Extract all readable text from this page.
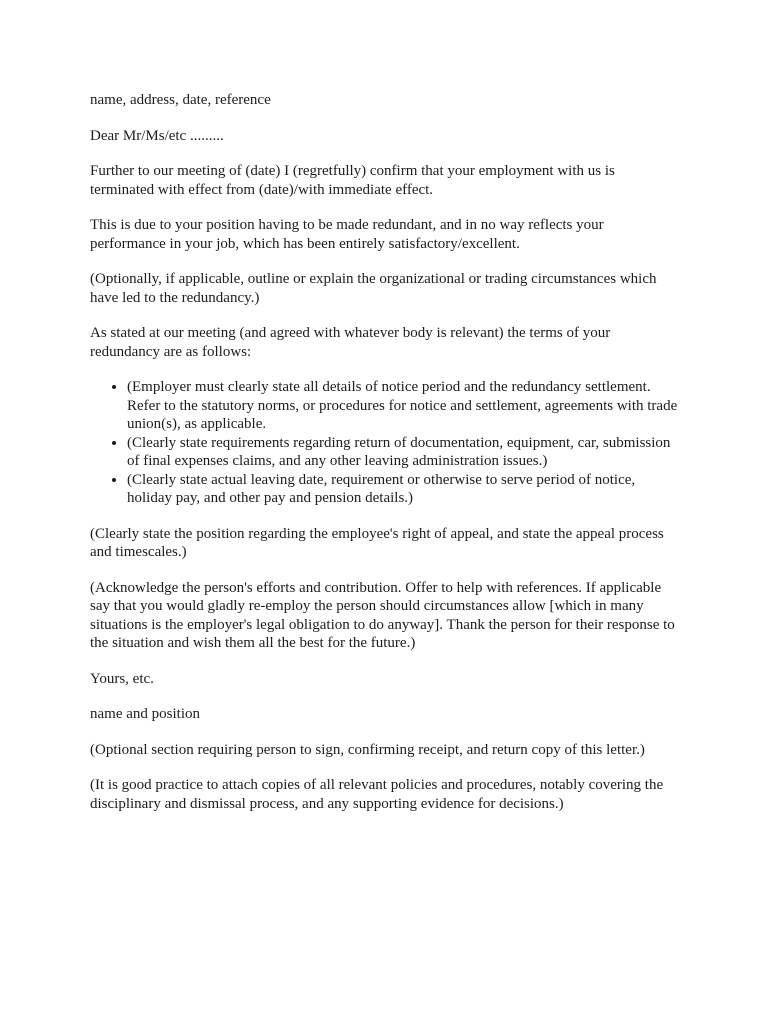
name, address, date, reference

Dear Mr/Ms/etc .........

Further to our meeting of (date) I (regretfully) confirm that your employment with us is terminated with effect from (date)/with immediate effect.

This is due to your position having to be made redundant, and in no way reflects your performance in your job, which has been entirely satisfactory/excellent.

(Optionally, if applicable, outline or explain the organizational or trading circumstances which have led to the redundancy.)

As stated at our meeting (and agreed with whatever body is relevant) the terms of your redundancy are as follows:

• (Employer must clearly state all details of notice period and the redundancy settlement. Refer to the statutory norms, or procedures for notice and settlement, agreements with trade union(s), as applicable.
• (Clearly state requirements regarding return of documentation, equipment, car, submission of final expenses claims, and any other leaving administration issues.)
• (Clearly state actual leaving date, requirement or otherwise to serve period of notice, holiday pay, and other pay and pension details.)

(Clearly state the position regarding the employee's right of appeal, and state the appeal process and timescales.)

(Acknowledge the person's efforts and contribution. Offer to help with references. If applicable say that you would gladly re-employ the person should circumstances allow [which in many situations is the employer's legal obligation to do anyway]. Thank the person for their response to the situation and wish them all the best for the future.)

Yours, etc.

name and position

(Optional section requiring person to sign, confirming receipt, and return copy of this letter.)

(It is good practice to attach copies of all relevant policies and procedures, notably covering the disciplinary and dismissal process, and any supporting evidence for decisions.)
